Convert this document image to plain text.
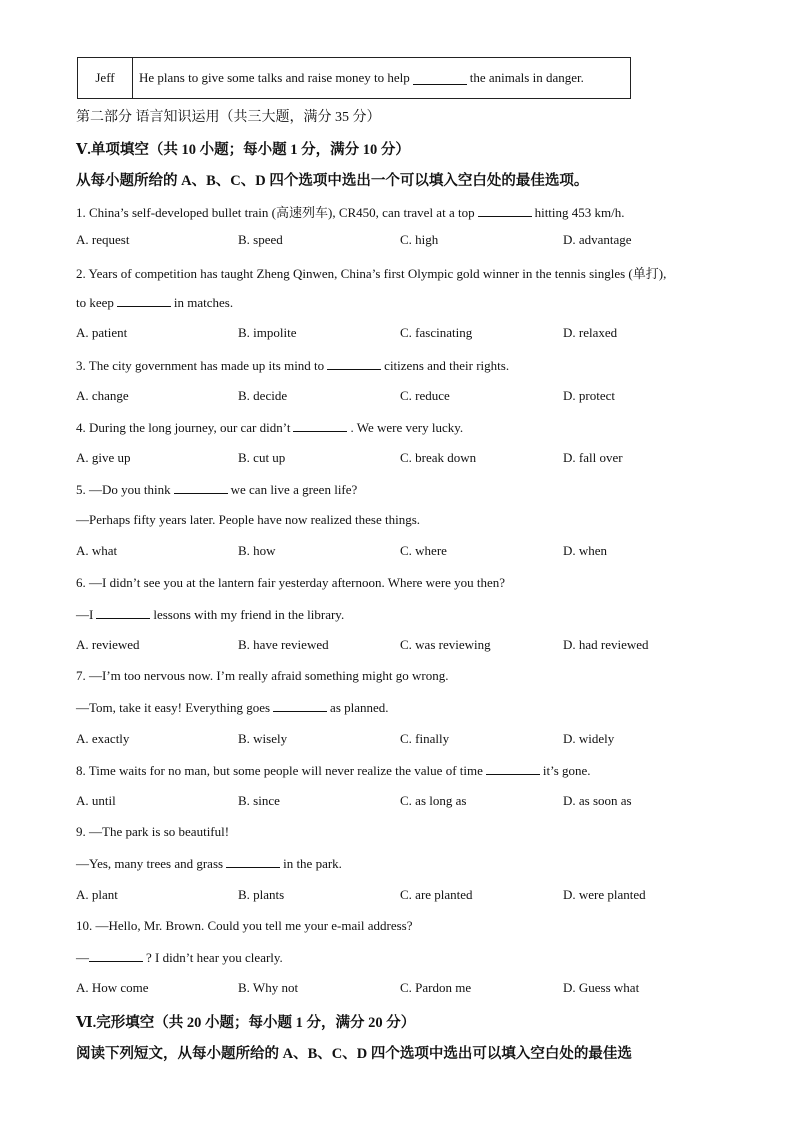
Jeff	He plans to give some talks and raise money to help	the animals in danger.
第二部分 语言知识运用（共三大题，满分 35 分）
Ⅴ.单项填空（共 10 小题；每小题 1 分，满分 10 分）
从每小题所给的 A、B、C、D 四个选项中选出一个可以填入空白处的最佳选项。
1. China’s self-developed bullet train (高速列车), CR450, can travel at a top	hitting 453 km/h.
A. request	B. speed	C. high	D. advantage
2. Years of competition has taught Zheng Qinwen, China’s first Olympic gold winner in the tennis singles (单打),
to keep	in matches.
A. patient	B. impolite	C. fascinating	D. relaxed
3. The city government has made up its mind to	citizens and their rights.
A. change	B. decide	C. reduce	D. protect
4. During the long journey, our car didn’t	. We were very lucky.
A. give up	B. cut up	C. break down	D. fall over
5. —Do you think	we can live a green life?
—Perhaps fifty years later. People have now realized these things.
A. what	B. how	C. where	D. when
6. —I didn’t see you at the lantern fair yesterday afternoon. Where were you then?
—I	lessons with my friend in the library.
A. reviewed	B. have reviewed	C. was reviewing	D. had reviewed
7. —I’m too nervous now. I’m really afraid something might go wrong.
—Tom, take it easy! Everything goes	as planned.
A. exactly	B. wisely	C. finally	D. widely
8. Time waits for no man, but some people will never realize the value of time	it’s gone.
A. until	B. since	C. as long as	D. as soon as
9. —The park is so beautiful!
—Yes, many trees and grass	in the park.
A. plant	B. plants	C. are planted	D. were planted
10. —Hello, Mr. Brown. Could you tell me your e-mail address?
—	? I didn’t hear you clearly.
A. How come	B. Why not	C. Pardon me	D. Guess what
Ⅵ.完形填空（共 20 小题；每小题 1 分，满分 20 分）
阅读下列短文，从每小题所给的 A、B、C、D 四个选项中选出可以填入空白处的最佳选
